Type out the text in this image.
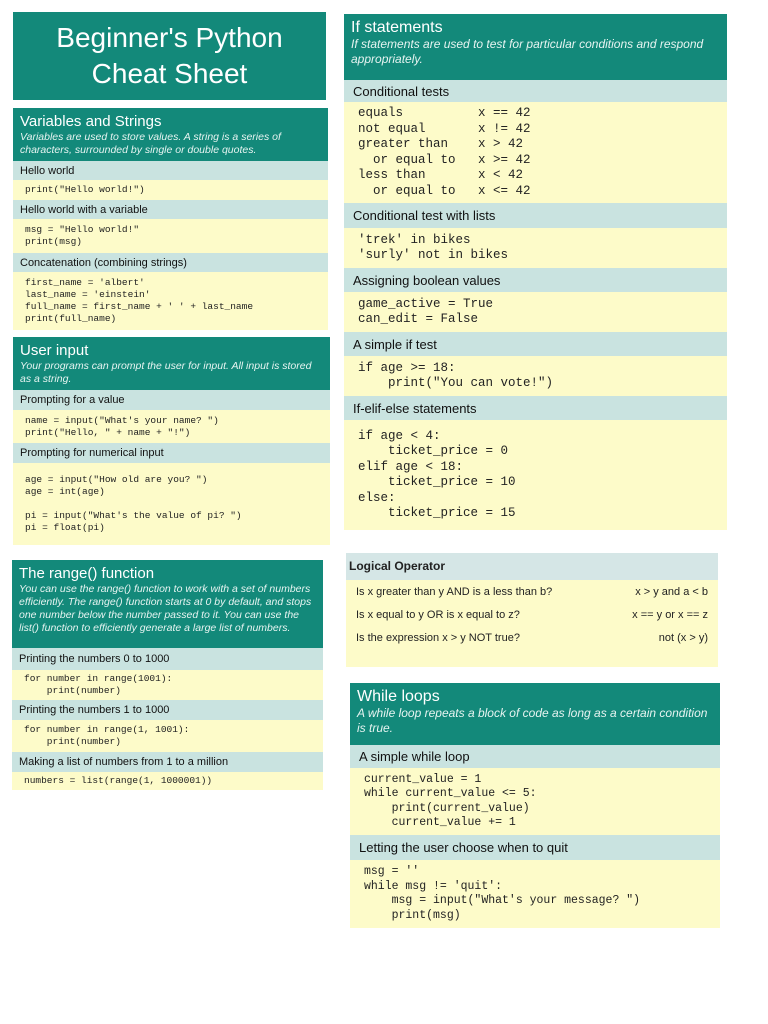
Beginner's Python
Cheat Sheet
Variables and Strings

Variables are used to store values. A string is a series of characters, surrounded by single or double quotes.

Hello world
print("Hello world!")
Hello world with a variable
msg = "Hello world!"
print(msg)
Concatenation (combining strings)
first_name = 'albert'
last_name = 'einstein'
full_name = first_name + ' ' + last_name
print(full_name)
User input

Your programs can prompt the user for input. All input is stored as a string.

Prompting for a value
name = input("What's your name? ")
print("Hello, " + name + "!")
Prompting for numerical input
age = input("How old are you? ")
age = int(age)

pi = input("What's the value of pi? ")
pi = float(pi)
The range() function

You can use the range() function to work with a set of numbers efficiently. The range() function starts at 0 by default, and stops one number below the number passed to it. You can use the list() function to efficiently generate a large list of numbers.

Printing the numbers 0 to 1000
for number in range(1001):
print(number)
Printing the numbers 1 to 1000
for number in range(1, 1001):
print(number)
Making a list of numbers from 1 to a million
numbers = list(range(1, 1000001))
If statements

If statements are used to test for particular conditions and respond appropriately.

Conditional tests
equals          x == 42
not equal       x != 42
greater than    x > 42
or equal to   x >= 42
less than       x < 42
or equal to   x <= 42
Conditional test with lists
'trek' in bikes
'surly' not in bikes
Assigning boolean values
game_active = True
can_edit = False
A simple if test
if age >= 18:
print("You can vote!")
If-elif-else statements
if age < 4:
ticket_price = 0
elif age < 18:
ticket_price = 10
else:
ticket_price = 15
Logical Operator
Is x greater than y AND is a less than b?	x > y and a < b
Is x equal to y OR is x equal to z?	x == y or x == z
Is the expression x > y NOT true?	not (x > y)
While loops

A while loop repeats a block of code as long as a certain condition is true.

A simple while loop
current_value = 1
while current_value <= 5:
print(current_value)
current_value += 1
Letting the user choose when to quit
msg = ''
while msg != 'quit':
msg = input("What's your message? ")
print(msg)
